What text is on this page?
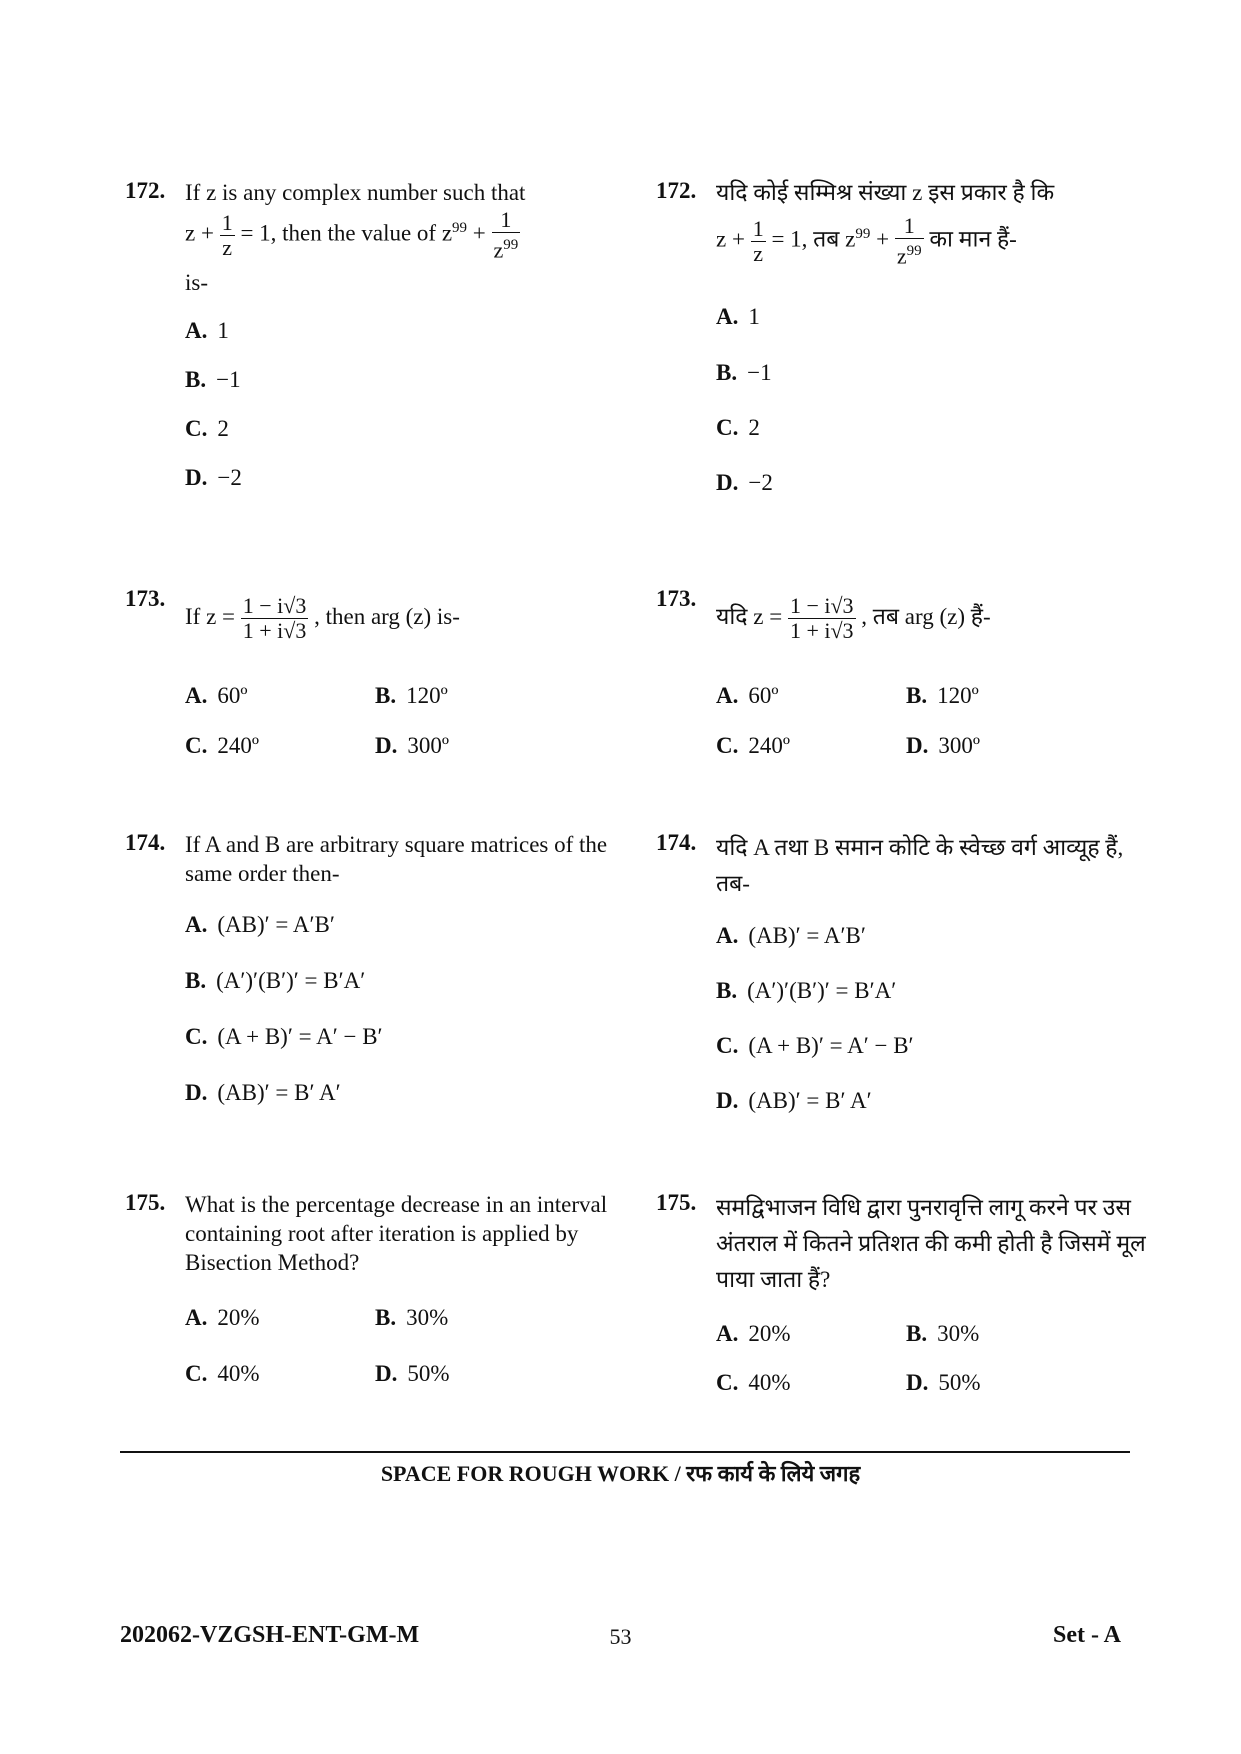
172. If z is any complex number such that
$z + \frac{1}{z} = 1$, then the value of $z^{99} + \frac{1}{z^{99}}$
is-
A. 1
B. −1
C. 2
D. −2
173.
If $z = \frac{1 - i√3}{1 + i√3}$ , then arg (z) is-
A. 60º	B. 120º
C. 240º	D. 300º
174. If A and B are arbitrary square matrices of the same order then-
A. (AB)′ = A′B′
B. (A′)′(B′)′ = B′A′
C. (A + B)′ = A′ − B′
D. (AB)′ = B′ A′
175. What is the percentage decrease in an interval containing root after iteration is applied by Bisection Method?
A. 20%	B. 30%
C. 40%	D. 50%
172. यदि कोई सम्मिश्र संख्या z इस प्रकार है कि
$z + \frac{1}{z} = 1$, तब $z^{99} + \frac{1}{z^{99}}$ का मान हैं-
A. 1
B. −1
C. 2
D. −2
173.
यदि $z = \frac{1 - i√3}{1 + i√3}$ , तब arg (z) हैं-
A. 60º	B. 120º
C. 240º	D. 300º
174. यदि A तथा B समान कोटि के स्वेच्छ वर्ग आव्यूह हैं, तब-
A. (AB)′ = A′B′
B. (A′)′(B′)′ = B′A′
C. (A + B)′ = A′ − B′
D. (AB)′ = B′ A′
175. समद्विभाजन विधि द्वारा पुनरावृत्ति लागू करने पर उस अंतराल में कितने प्रतिशत की कमी होती है जिसमें मूल पाया जाता हैं?
A. 20%	B. 30%
C. 40%	D. 50%
SPACE FOR ROUGH WORK / रफ कार्य के लिये जगह
202062-VZGSH-ENT-GM-M	53	Set - A
